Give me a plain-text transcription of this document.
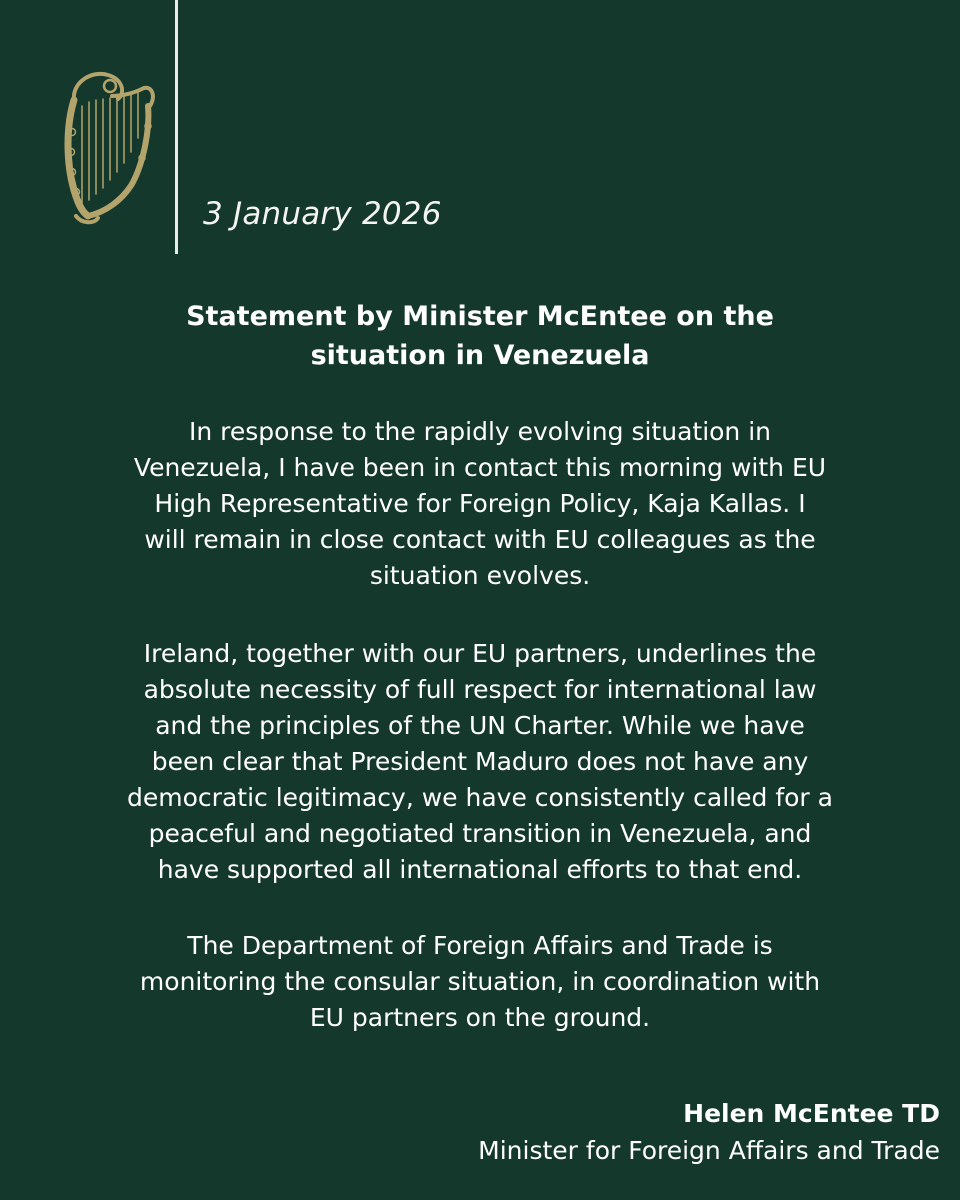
3 January 2026
Statement by Minister McEntee on the
situation in Venezuela
In response to the rapidly evolving situation in
Venezuela, I have been in contact this morning with EU
High Representative for Foreign Policy, Kaja Kallas. I
will remain in close contact with EU colleagues as the
situation evolves.
Ireland, together with our EU partners, underlines the
absolute necessity of full respect for international law
and the principles of the UN Charter. While we have
been clear that President Maduro does not have any
democratic legitimacy, we have consistently called for a
peaceful and negotiated transition in Venezuela, and
have supported all international efforts to that end.
The Department of Foreign Affairs and Trade is
monitoring the consular situation, in coordination with
EU partners on the ground.
Helen McEntee TD
Minister for Foreign Affairs and Trade
